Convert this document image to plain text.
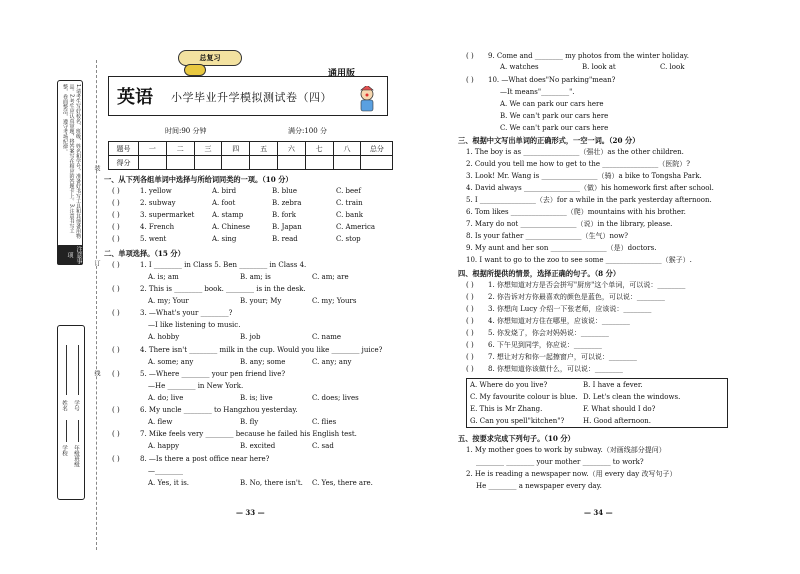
1.请考生写好校名、班级、姓名和学号，准备好书写工具和其他备用物品。2.考生应认真审题，将答案写在相应的答题卡上。3.注意书写工整，卷面整洁，遵守考场纪律。
注意事项
学校
姓名
年级班级
学号
装
订
线
总复习
通用版
英语 小学毕业升学模拟测试卷（四）
时间:90 分钟	满分:100 分
题号	一	二	三	四	五	六	七	八	总分
得分									
一、从下列各组单词中选择与所给词同类的一项。（10 分）
二、单项选择。（15 分）
( )	1. I ________ in Class 5. Ben ________ in Class 4.
A. is; am	B. am; is	C. am; are
( )	2. This is ________ book. ________ is in the desk.
A. my; Your	B. your; My	C. my; Yours
( )	3. —What's your ________?
—I like listening to music.
A. hobby	B. job	C. name
( )	4. There isn't ________ milk in the cup. Would you like ________ juice?
A. some; any	B. any; some	C. any; any
( )	5. —Where ________ your pen friend live?
—He ________ in New York.
A. do; live	B. is; live	C. does; lives
( )	6. My uncle ________ to Hangzhou yesterday.
A. flew	B. fly	C. flies
( )	7. Mike feels very ________ because he failed his English test.
A. happy	B. excited	C. sad
( )	8. —Is there a post office near here?
—________
A. Yes, it is.	B. No, there isn't. C. Yes, there are.
— 33 —
( ) 9. Come and ________ my photos from the winter holiday.
A. watches	B. look at	C. look
( ) 10. —What does"No parking"mean?
—It means"________".
A. We can park our cars here
B. We can't park our cars here
C. We can't park our cars here
三、根据中文写出单词的正确形式，一空一词。（20 分）
四、根据所提供的情景，选择正确的句子。（8 分）
A. Where do you live?	B. I have a fever.
C. My favourite colour is blue. D. Let's clean the windows.
E. This is Mr Zhang.	F. What should I do?
G. Can you spell"kitchen"?	H. Good afternoon.
五、按要求完成下列句子。（10 分）
1. My mother goes to work by subway.（对画线部分提问）
________ ________ your mother ________ to work?
2. He is reading a newspaper now.（用 every day 改写句子）
He ________ a newspaper every day.
— 34 —
( )	1. yellow	A. bird	B. blue	C. beef
( )	2. subway	A. foot	B. zebra	C. train
( )	3. supermarket	A. stamp	B. fork	C. bank
( )	4. French	A. Chinese	B. Japan	C. America
( )	5. went	A. sing	B. read	C. stop
1. The boy is as ________________（强壮）as the other children.
2. Could you tell me how to get to the ________________（医院）?
3. Look! Mr. Wang is ________________（骑）a bike to Tongsha Park.
4. David always ________________（做）his homework first after school.
5. I ________________（去）for a while in the park yesterday afternoon.
6. Tom likes ________________（爬）mountains with his brother.
7. Mary do not ________________（说）in the library, please.
8. Is your father ________________（生气）now?
9. My aunt and her son ________________（是）doctors.
10. I want to go to the zoo to see some ________________（猴子）.
( ) 1. 你想知道对方是否会拼写"厨房"这个单词，可以说：________
( ) 2. 你告诉对方你最喜欢的颜色是蓝色，可以说：________
( ) 3. 你想向 Lucy 介绍一下张老师，应该说：________
( ) 4. 你想知道对方住在哪里，应该说：________
( ) 5. 你发烧了，你会对妈妈说：________
( ) 6. 下午见到同学，你应说：________
( ) 7. 想让对方和你一起擦窗户，可以说：________
( ) 8. 你想知道你该做什么，可以说：________
